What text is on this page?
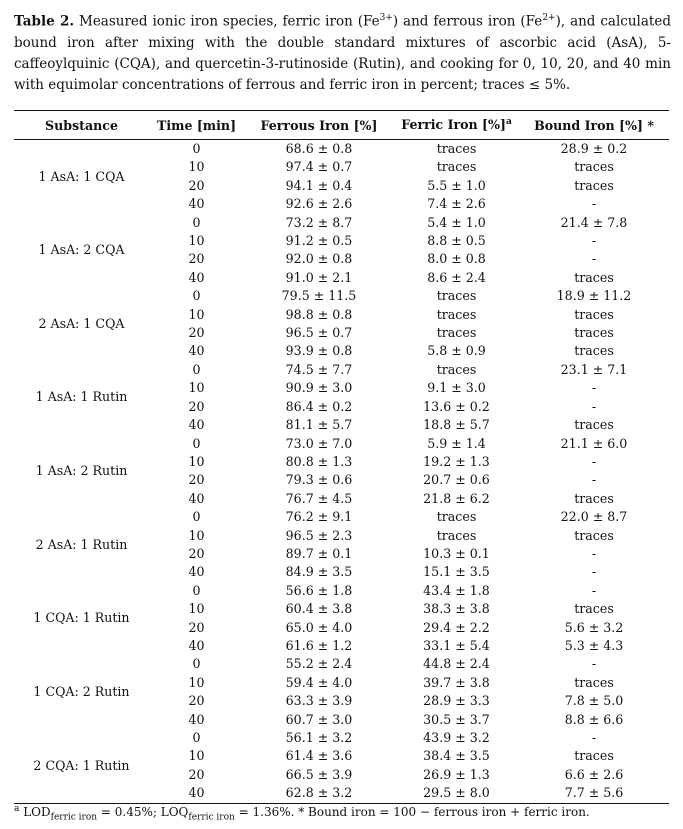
Table 2. Measured ionic iron species, ferric iron $(Fe^{3+})$ and ferrous iron $(Fe^{2+})$, and calculated bound iron after mixing with the double standard mixtures of ascorbic acid (AsA), 5-caffeoylquinic (CQA), and quercetin-3-rutinoside (Rutin), and cooking for 0, 10, 20, and 40 min with equimolar concentrations of ferrous and ferric iron in percent; traces ≤ 5%.
Substance	Time [min]	Ferrous Iron [%]	Ferric Iron [%]$^a$	Bound Iron [%] *
1 AsA: 1 CQA	0	68.6 ± 0.8	traces	28.9 ± 0.2
	10	97.4 ± 0.7	traces	traces
	20	94.1 ± 0.4	5.5 ± 1.0	traces
	40	92.6 ± 2.6	7.4 ± 2.6	-
1 AsA: 2 CQA	0	73.2 ± 8.7	5.4 ± 1.0	21.4 ± 7.8
	10	91.2 ± 0.5	8.8 ± 0.5	-
	20	92.0 ± 0.8	8.0 ± 0.8	-
	40	91.0 ± 2.1	8.6 ± 2.4	traces
2 AsA: 1 CQA	0	79.5 ± 11.5	traces	18.9 ± 11.2
	10	98.8 ± 0.8	traces	traces
	20	96.5 ± 0.7	traces	traces
	40	93.9 ± 0.8	5.8 ± 0.9	traces
1 AsA: 1 Rutin	0	74.5 ± 7.7	traces	23.1 ± 7.1
	10	90.9 ± 3.0	9.1 ± 3.0	-
	20	86.4 ± 0.2	13.6 ± 0.2	-
	40	81.1 ± 5.7	18.8 ± 5.7	traces
1 AsA: 2 Rutin	0	73.0 ± 7.0	5.9 ± 1.4	21.1 ± 6.0
	10	80.8 ± 1.3	19.2 ± 1.3	-
	20	79.3 ± 0.6	20.7 ± 0.6	-
	40	76.7 ± 4.5	21.8 ± 6.2	traces
2 AsA: 1 Rutin	0	76.2 ± 9.1	traces	22.0 ± 8.7
	10	96.5 ± 2.3	traces	traces
	20	89.7 ± 0.1	10.3 ± 0.1	-
	40	84.9 ± 3.5	15.1 ± 3.5	-
1 CQA: 1 Rutin	0	56.6 ± 1.8	43.4 ± 1.8	-
	10	60.4 ± 3.8	38.3 ± 3.8	traces
	20	65.0 ± 4.0	29.4 ± 2.2	5.6 ± 3.2
	40	61.6 ± 1.2	33.1 ± 5.4	5.3 ± 4.3
1 CQA: 2 Rutin	0	55.2 ± 2.4	44.8 ± 2.4	-
	10	59.4 ± 4.0	39.7 ± 3.8	traces
	20	63.3 ± 3.9	28.9 ± 3.3	7.8 ± 5.0
	40	60.7 ± 3.0	30.5 ± 3.7	8.8 ± 6.6
2 CQA: 1 Rutin	0	56.1 ± 3.2	43.9 ± 3.2	-
	10	61.4 ± 3.6	38.4 ± 3.5	traces
	20	66.5 ± 3.9	26.9 ± 1.3	6.6 ± 2.6
	40	62.8 ± 3.2	29.5 ± 8.0	7.7 ± 5.6
$^a$ $LOD_{ferric iron} = 0.45\%$; $LOQ_{ferric iron} = 1.36\%$. * Bound iron = 100 − ferrous iron + ferric iron.
